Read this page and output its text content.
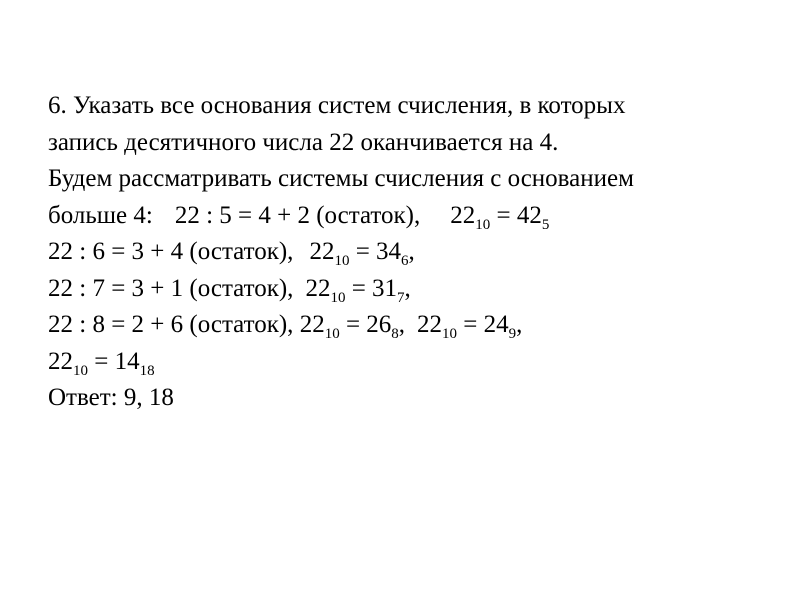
6. Указать все основания систем счисления, в которых
запись десятичного числа 22 оканчивается на 4.
Будем рассматривать системы счисления с основанием
больше 4: 22 : 5 = 4 + 2 (остаток), $22_{10} = 42_5$
22 : 6 = 3 + 4 (остаток), $22_{10} = 34_6$,
22 : 7 = 3 + 1 (остаток), $22_{10} = 31_7$,
22 : 8 = 2 + 6 (остаток), $22_{10} = 26_8$, $22_{10} = 24_9$,
$22_{10} = 14_{18}$
Ответ: 9, 18
